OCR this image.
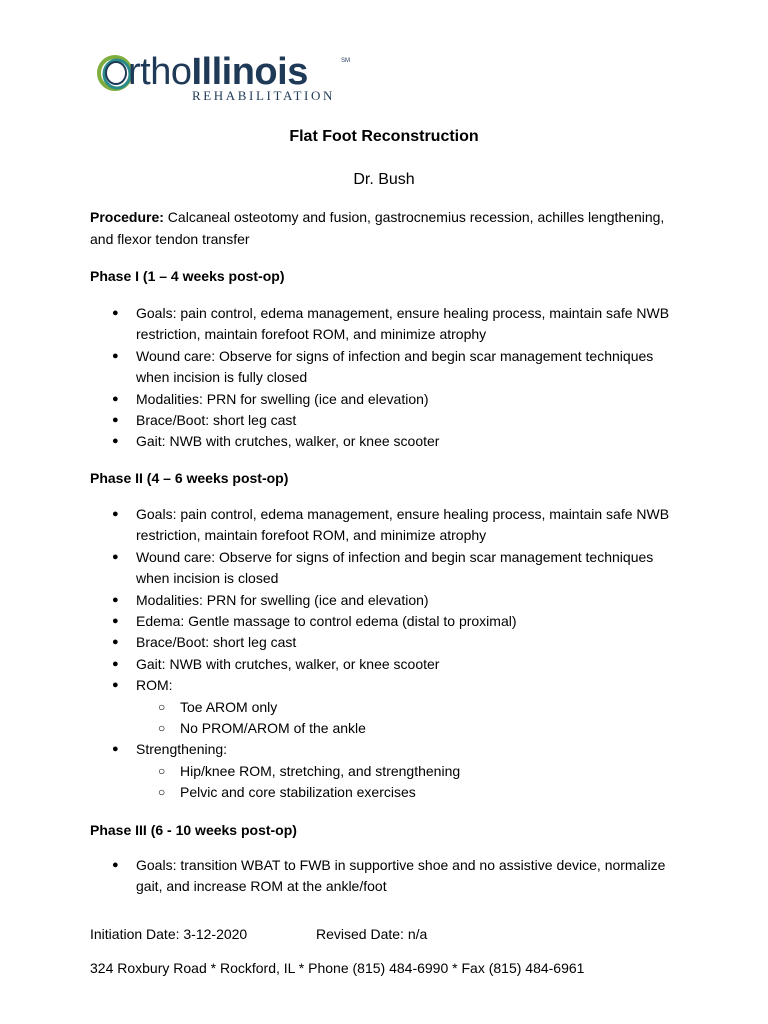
rthoIllinois	SM
REHABILITATION
Flat Foot Reconstruction
Dr. Bush
Procedure: Calcaneal osteotomy and fusion, gastrocnemius recession, achilles lengthening, and flexor tendon transfer
Phase I (1 – 4 weeks post-op)
● Goals: pain control, edema management, ensure healing process, maintain safe NWB restriction, maintain forefoot ROM, and minimize atrophy
● Wound care: Observe for signs of infection and begin scar management techniques when incision is fully closed
● Modalities: PRN for swelling (ice and elevation)
● Brace/Boot: short leg cast
● Gait: NWB with crutches, walker, or knee scooter
Phase II (4 – 6 weeks post-op)
● Goals: pain control, edema management, ensure healing process, maintain safe NWB restriction, maintain forefoot ROM, and minimize atrophy
● Wound care: Observe for signs of infection and begin scar management techniques when incision is closed
● Modalities: PRN for swelling (ice and elevation)
● Edema: Gentle massage to control edema (distal to proximal)
● Brace/Boot: short leg cast
● Gait: NWB with crutches, walker, or knee scooter
● ROM:
○ Toe AROM only
○ No PROM/AROM of the ankle
● Strengthening:
○ Hip/knee ROM, stretching, and strengthening
○ Pelvic and core stabilization exercises
Phase III (6 - 10 weeks post-op)
● Goals: transition WBAT to FWB in supportive shoe and no assistive device, normalize gait, and increase ROM at the ankle/foot
Initiation Date: 3-12-2020	Revised Date: n/a
324 Roxbury Road * Rockford, IL * Phone (815) 484-6990 * Fax (815) 484-6961
